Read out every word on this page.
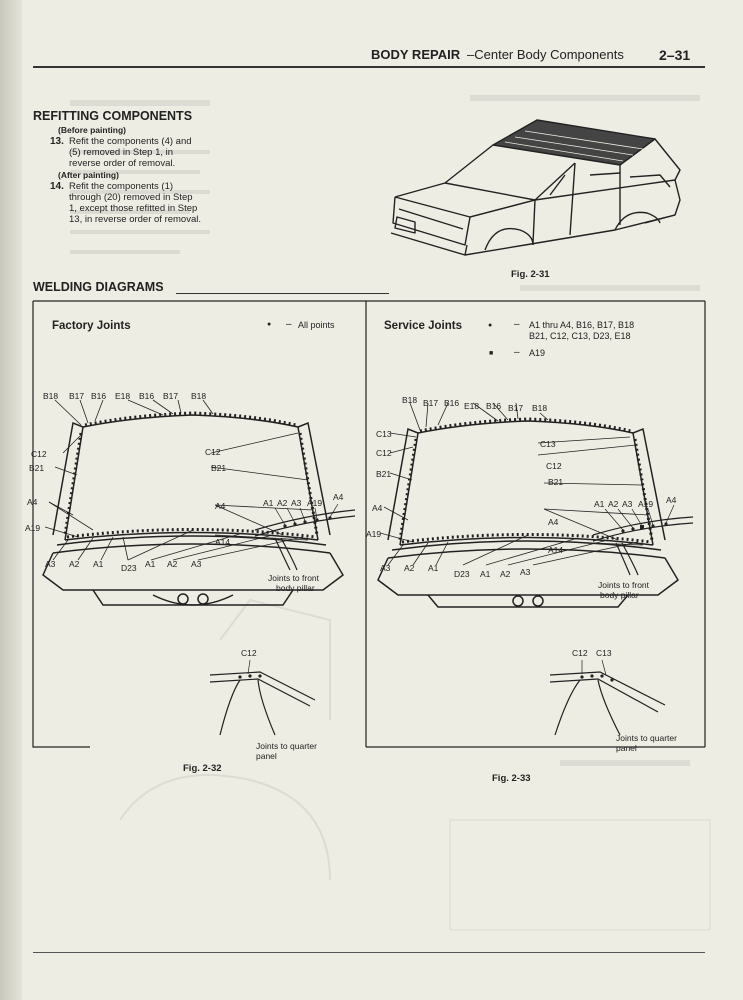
BODY REPAIR –Center Body Components	2–31
REFITTING COMPONENTS
(Before painting)
13. Refit the components (4) and
(5) removed in Step 1, in
reverse order of removal.
(After painting)
14. Refit the components (1)
through (20) removed in Step
1, except those refitted in Step
13, in reverse order of removal.
Fig. 2-31
WELDING DIAGRAMS
Factory Joints	● – All points
B18 B17 B16 E18 B16 B17 B18
C12	C12
B21	B21
A4	A4
A19
A14
A3 A2 A1 D23 A1 A2 A3
A1 A2 A3 A19
A4
Joints to front
body pillar
C12
Joints to quarter
panel
Fig. 2-32
Service Joints	● – A1 thru A4, B16, B17, B18
B21, C12, C13, D23, E18
■ – A19
B18 B17 B16 E18 B16 B17 B18
C13
C13
C12
C12
B21
B21
A4
A4
A19
A14
A3 A2 A1
D23 A1 A2 A3
A1 A2 A3 A19 A4
Joints to front
body pillar
C12 C13
Joints to quarter
panel
Fig. 2-33
